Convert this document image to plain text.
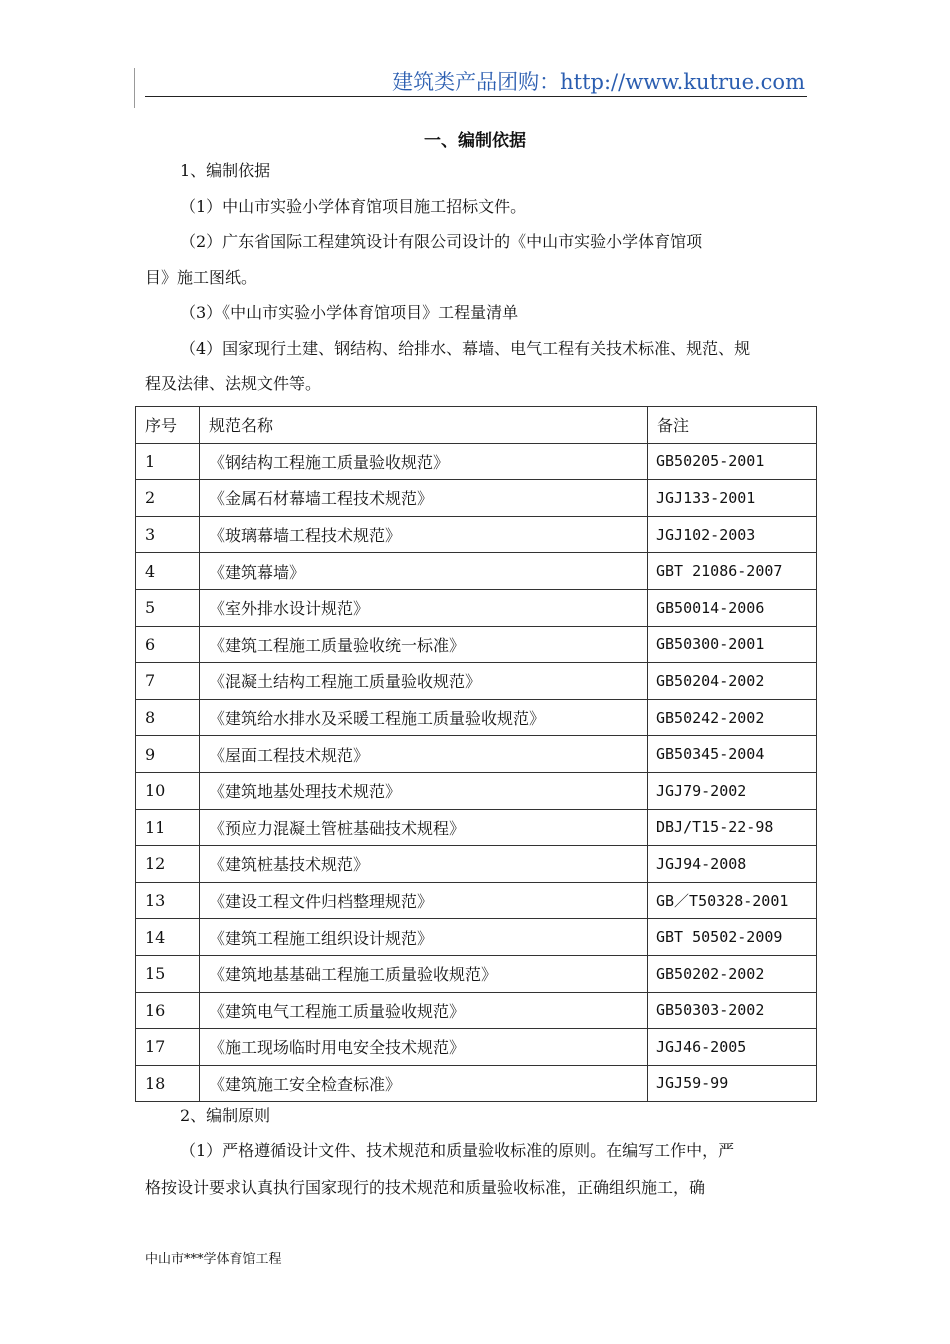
建筑类产品团购：http://www.kutrue.com
一、编制依据
1、编制依据
（1）中山市实验小学体育馆项目施工招标文件。
（2）广东省国际工程建筑设计有限公司设计的《中山市实验小学体育馆项
目》施工图纸。
（3）《中山市实验小学体育馆项目》工程量清单
（4）国家现行土建、钢结构、给排水、幕墙、电气工程有关技术标准、规范、规
程及法律、法规文件等。
序号	规范名称	备注
1	《钢结构工程施工质量验收规范》	GB50205-2001
2	《金属石材幕墙工程技术规范》	JGJ133-2001
3	《玻璃幕墙工程技术规范》	JGJ102-2003
4	《建筑幕墙》	GBT 21086-2007
5	《室外排水设计规范》	GB50014-2006
6	《建筑工程施工质量验收统一标准》	GB50300-2001
7	《混凝土结构工程施工质量验收规范》	GB50204-2002
8	《建筑给水排水及采暖工程施工质量验收规范》	GB50242-2002
9	《屋面工程技术规范》	GB50345-2004
10	《建筑地基处理技术规范》	JGJ79-2002
11	《预应力混凝土管桩基础技术规程》	DBJ/T15-22-98
12	《建筑桩基技术规范》	JGJ94-2008
13	《建设工程文件归档整理规范》	GB／T50328-2001
14	《建筑工程施工组织设计规范》	GBT 50502-2009
15	《建筑地基基础工程施工质量验收规范》	GB50202-2002
16	《建筑电气工程施工质量验收规范》	GB50303-2002
17	《施工现场临时用电安全技术规范》	JGJ46-2005
18	《建筑施工安全检查标准》	JGJ59-99
2、编制原则
（1）严格遵循设计文件、技术规范和质量验收标准的原则。在编写工作中，严
格按设计要求认真执行国家现行的技术规范和质量验收标准，正确组织施工，确
中山市***学体育馆工程
